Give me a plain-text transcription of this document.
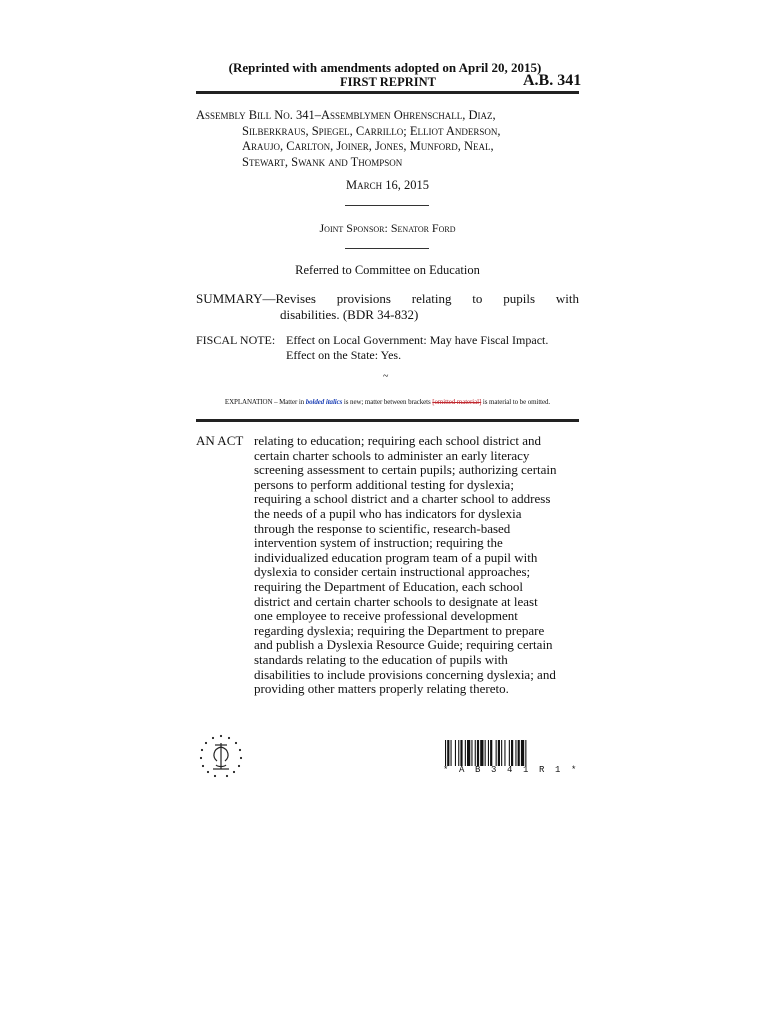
(Reprinted with amendments adopted on April 20, 2015)
FIRST REPRINT	A.B. 341
Assembly Bill No. 341–Assemblymen Ohrenschall, Diaz,
Silberkraus, Spiegel, Carrillo; Elliot Anderson,
Araujo, Carlton, Joiner, Jones, Munford, Neal,
Stewart, Swank and Thompson
March 16, 2015
Joint Sponsor: Senator Ford
Referred to Committee on Education
SUMMARY—Revises provisions relating to pupils with
disabilities. (BDR 34-832)
FISCAL NOTE: Effect on Local Government: May have Fiscal Impact.
Effect on the State: Yes.
~
EXPLANATION – Matter in bolded italics is new; matter between brackets [omitted material] is material to be omitted.
AN ACT relating to education; requiring each school district and
certain charter schools to administer an early literacy
screening assessment to certain pupils; authorizing certain
persons to perform additional testing for dyslexia;
requiring a school district and a charter school to address
the needs of a pupil who has indicators for dyslexia
through the response to scientific, research-based
intervention system of instruction; requiring the
individualized education program team of a pupil with
dyslexia to consider certain instructional approaches;
requiring the Department of Education, each school
district and certain charter schools to designate at least
one employee to receive professional development
regarding dyslexia; requiring the Department to prepare
and publish a Dyslexia Resource Guide; requiring certain
standards relating to the education of pupils with
disabilities to include provisions concerning dyslexia; and
providing other matters properly relating thereto.
* A B 3 4 1 R 1 *
